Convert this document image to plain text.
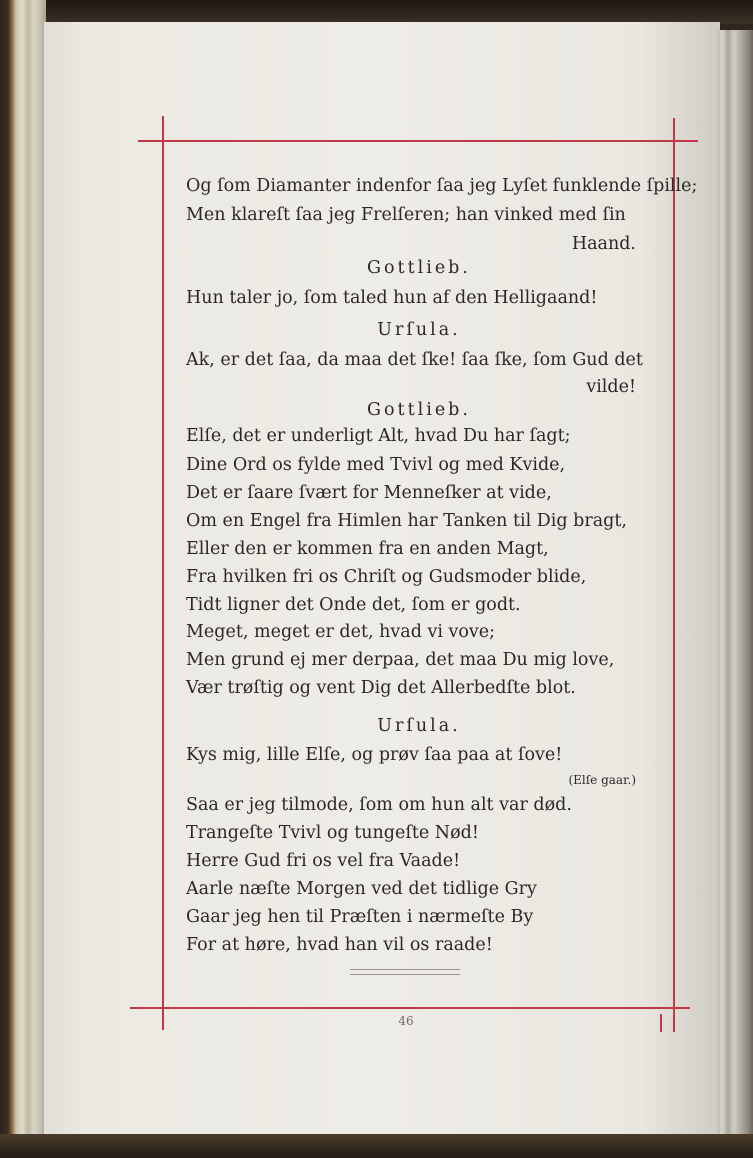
Og ſom Diamanter indenfor ſaa jeg Lyſet funklende ſpille;
Men klareſt ſaa jeg Frelſeren; han vinked med ſin
Haand.
Gottlieb.
Hun taler jo, ſom taled hun af den Helligaand!
Urſula.
Ak, er det ſaa, da maa det ſke! ſaa ſke, ſom Gud det
vilde!
Gottlieb.
Elſe, det er underligt Alt, hvad Du har ſagt;
Dine Ord os fylde med Tvivl og med Kvide,
Det er ſaare ſvært for Menneſker at vide,
Om en Engel fra Himlen har Tanken til Dig bragt,
Eller den er kommen fra en anden Magt,
Fra hvilken fri os Chriſt og Gudsmoder blide,
Tidt ligner det Onde det, ſom er godt.
Meget, meget er det, hvad vi vove;
Men grund ej mer derpaa, det maa Du mig love,
Vær trøſtig og vent Dig det Allerbedſte blot.
Urſula.
Kys mig, lille Elſe, og prøv ſaa paa at ſove!
(Elſe gaar.)
Saa er jeg tilmode, ſom om hun alt var død.
Trangeſte Tvivl og tungeſte Nød!
Herre Gud fri os vel fra Vaade!
Aarle næſte Morgen ved det tidlige Gry
Gaar jeg hen til Præſten i nærmeſte By
For at høre, hvad han vil os raade!
46
